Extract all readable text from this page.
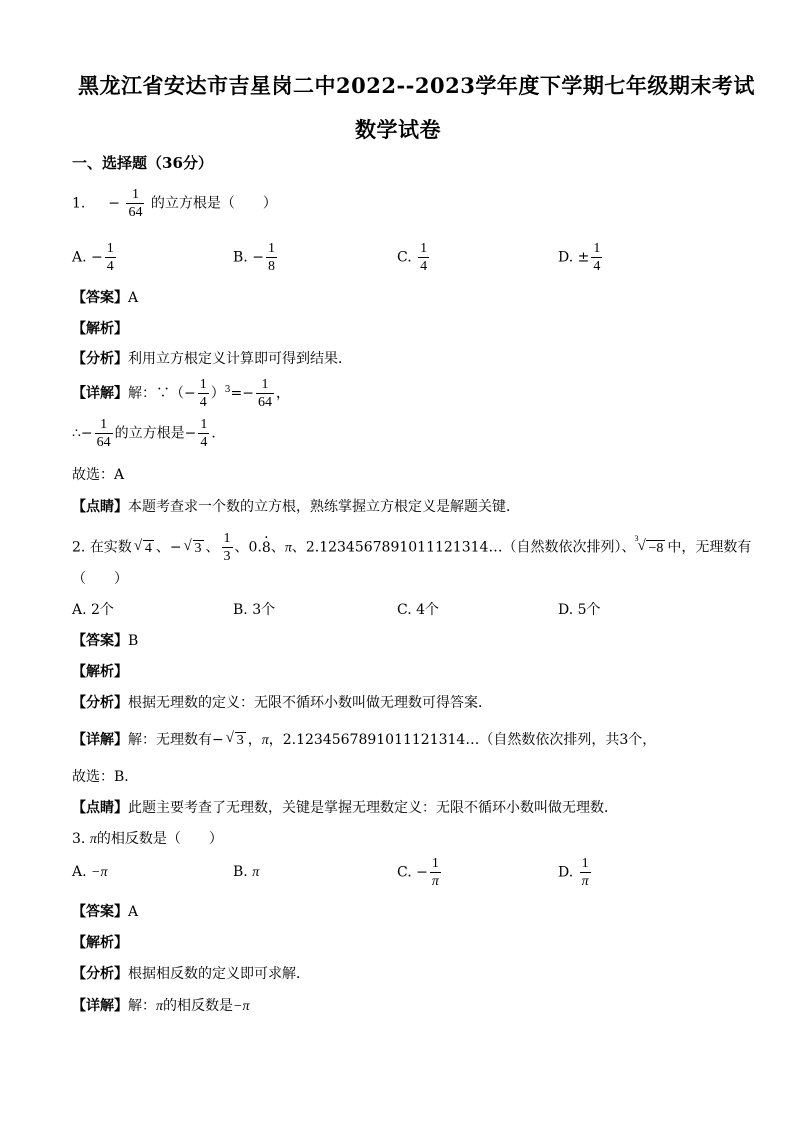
黑龙江省安达市吉星岗二中2022--2023学年度下学期七年级期末考试
数学试卷
一、选择题（36分）
1. − $\frac{1}{64}$ 的立方根是（　　）
A. − $\frac{1}{4}$	B. − $\frac{1}{8}$	C. $\frac{1}{4}$	D. ± $\frac{1}{4}$
【答案】A
【解析】
【分析】利用立方根定义计算即可得到结果．
【详解】解：∵（− $\frac{1}{4} )^3=- \frac{1}{64}$ ，
∴− $\frac{1}{64}$ 的立方根是− $\frac{1}{4}$ ．
故选：A
【点睛】本题考查求一个数的立方根，熟练掌握立方根定义是解题关键．
2. 在实数 √ 4 、− √ 3 、 $\frac{1}{3}$ 、0.· 8、π、2.1234567891011121314…（自然数依次排列）、
3 √ −8 中，无理数有
（　　）
A. 2个	B. 3个	C. 4个	D. 5个
【答案】B
【解析】
【分析】根据无理数的定义：无限不循环小数叫做无理数可得答案．
【详解】解：无理数有− √ 3 ，π，2.1234567891011121314…（自然数依次排列，共3个，
故选：B．
【点睛】此题主要考查了无理数，关键是掌握无理数定义：无限不循环小数叫做无理数．
3. π的相反数是（　　）
A. −π	B. π	C. − $\frac{1}{\pi}$	D. $\frac{1}{\pi}$
【答案】A
【解析】
【分析】根据相反数的定义即可求解．
【详解】解：π的相反数是−π
